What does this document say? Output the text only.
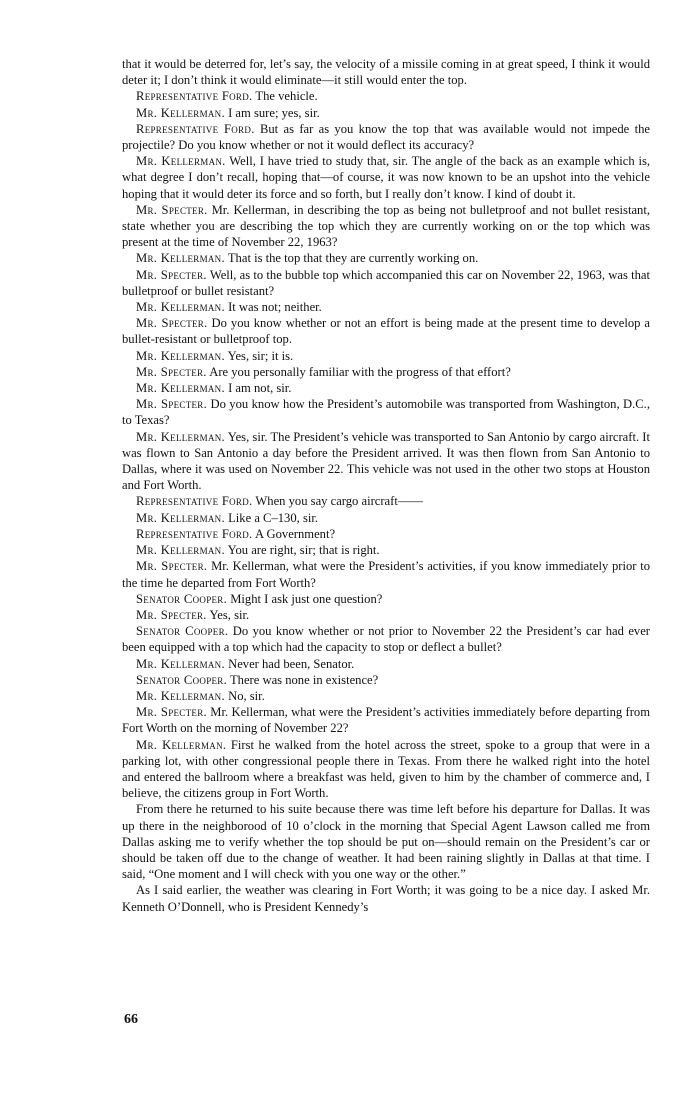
that it would be deterred for, let’s say, the velocity of a missile coming in at great speed, I think it would deter it; I don’t think it would eliminate—it still would enter the top.

Representative Ford. The vehicle.

Mr. Kellerman. I am sure; yes, sir.

Representative Ford. But as far as you know the top that was available would not impede the projectile? Do you know whether or not it would deflect its accuracy?

Mr. Kellerman. Well, I have tried to study that, sir. The angle of the back as an example which is, what degree I don’t recall, hoping that—of course, it was now known to be an upshot into the vehicle hoping that it would deter its force and so forth, but I really don’t know. I kind of doubt it.

Mr. Specter. Mr. Kellerman, in describing the top as being not bulletproof and not bullet resistant, state whether you are describing the top which they are currently working on or the top which was present at the time of November 22, 1963?

Mr. Kellerman. That is the top that they are currently working on.

Mr. Specter. Well, as to the bubble top which accompanied this car on November 22, 1963, was that bulletproof or bullet resistant?

Mr. Kellerman. It was not; neither.

Mr. Specter. Do you know whether or not an effort is being made at the present time to develop a bullet-resistant or bulletproof top.

Mr. Kellerman. Yes, sir; it is.

Mr. Specter. Are you personally familiar with the progress of that effort?

Mr. Kellerman. I am not, sir.

Mr. Specter. Do you know how the President’s automobile was transported from Washington, D.C., to Texas?

Mr. Kellerman. Yes, sir. The President’s vehicle was transported to San Antonio by cargo aircraft. It was flown to San Antonio a day before the President arrived. It was then flown from San Antonio to Dallas, where it was used on November 22. This vehicle was not used in the other two stops at Houston and Fort Worth.

Representative Ford. When you say cargo aircraft——

Mr. Kellerman. Like a C–130, sir.

Representative Ford. A Government?

Mr. Kellerman. You are right, sir; that is right.

Mr. Specter. Mr. Kellerman, what were the President’s activities, if you know immediately prior to the time he departed from Fort Worth?

Senator Cooper. Might I ask just one question?

Mr. Specter. Yes, sir.

Senator Cooper. Do you know whether or not prior to November 22 the President’s car had ever been equipped with a top which had the capacity to stop or deflect a bullet?

Mr. Kellerman. Never had been, Senator.

Senator Cooper. There was none in existence?

Mr. Kellerman. No, sir.

Mr. Specter. Mr. Kellerman, what were the President’s activities immediately before departing from Fort Worth on the morning of November 22?

Mr. Kellerman. First he walked from the hotel across the street, spoke to a group that were in a parking lot, with other congressional people there in Texas. From there he walked right into the hotel and entered the ballroom where a breakfast was held, given to him by the chamber of commerce and, I believe, the citizens group in Fort Worth.

From there he returned to his suite because there was time left before his departure for Dallas. It was up there in the neighborood of 10 o’clock in the morning that Special Agent Lawson called me from Dallas asking me to verify whether the top should be put on—should remain on the President’s car or should be taken off due to the change of weather. It had been raining slightly in Dallas at that time. I said, “One moment and I will check with you one way or the other.”

As I said earlier, the weather was clearing in Fort Worth; it was going to be a nice day. I asked Mr. Kenneth O’Donnell, who is President Kennedy’s

66
